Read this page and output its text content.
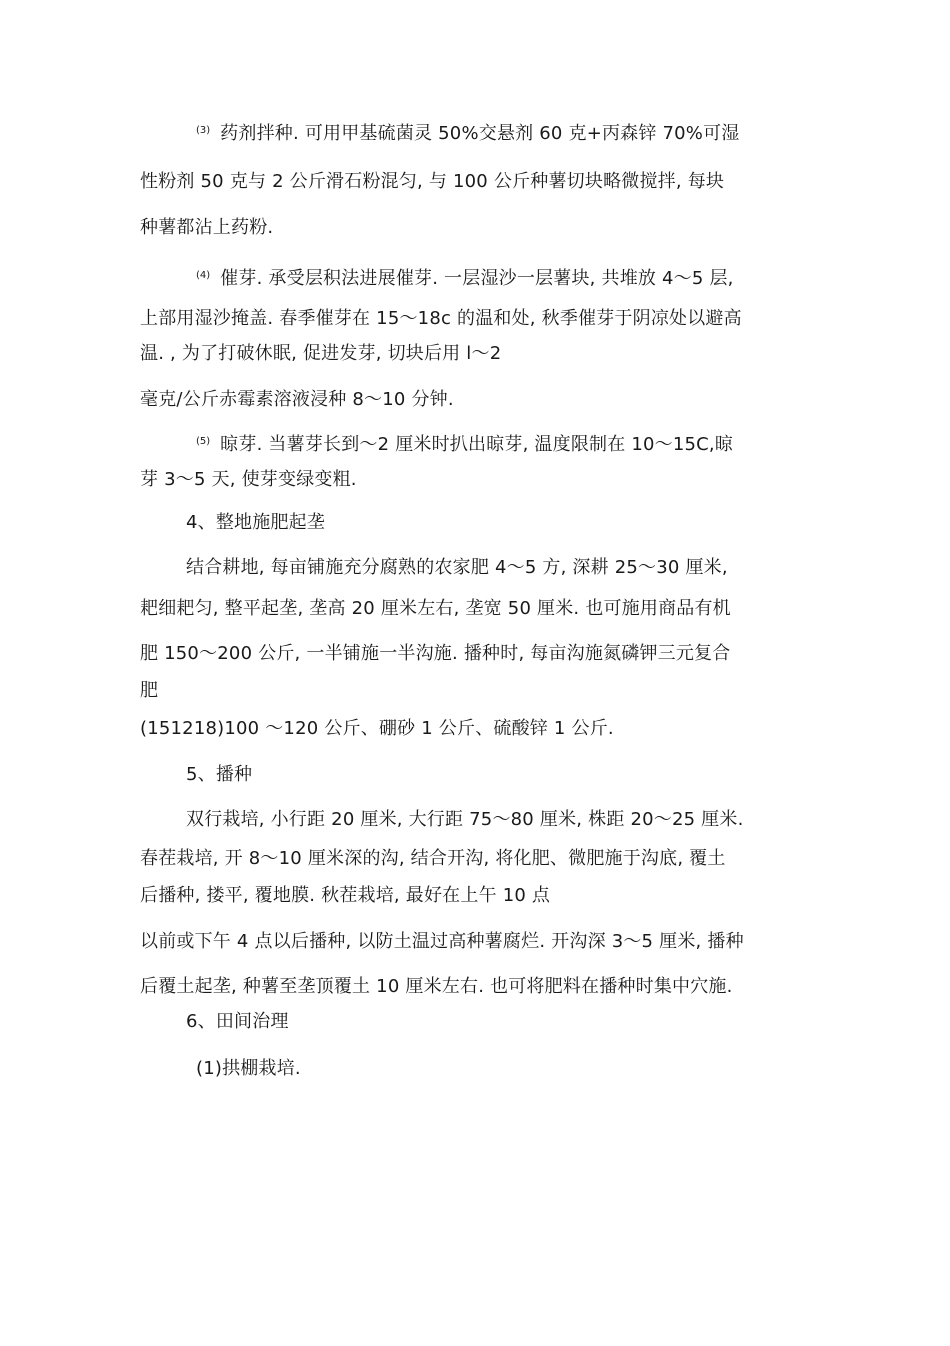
$^{(3)}$ 药剂拌种. 可用甲基硫菌灵 50%交悬剂 60 克+丙森锌 70%可湿
性粉剂 50 克与 2 公斤滑石粉混匀, 与 100 公斤种薯切块略微搅拌, 每块
种薯都沾上药粉.
$^{(4)}$ 催芽. 承受层积法进展催芽. 一层湿沙一层薯块, 共堆放 4〜5 层,
上部用湿沙掩盖. 春季催芽在 15〜18c 的温和处, 秋季催芽于阴凉处以避高
温. , 为了打破休眠, 促进发芽, 切块后用 l〜2
毫克/公斤赤霉素溶液浸种 8〜10 分钟.
$^{(5)}$ 晾芽. 当薯芽长到〜2 厘米时扒出晾芽, 温度限制在 10〜15C,晾
芽 3〜5 天, 使芽变绿变粗.
4、整地施肥起垄
结合耕地, 每亩铺施充分腐熟的农家肥 4〜5 方, 深耕 25〜30 厘米,
耙细耙匀, 整平起垄, 垄高 20 厘米左右, 垄宽 50 厘米. 也可施用商品有机
肥 150〜200 公斤, 一半铺施一半沟施. 播种时, 每亩沟施氮磷钾三元复合
肥
(151218)100 〜120 公斤、硼砂 1 公斤、硫酸锌 1 公斤.
5、播种
双行栽培, 小行距 20 厘米, 大行距 75〜80 厘米, 株距 20〜25 厘米.
春茬栽培, 开 8〜10 厘米深的沟, 结合开沟, 将化肥、微肥施于沟底, 覆土
后播种, 搂平, 覆地膜. 秋茬栽培, 最好在上午 10 点
以前或下午 4 点以后播种, 以防土温过高种薯腐烂. 开沟深 3〜5 厘米, 播种
后覆土起垄, 种薯至垄顶覆土 10 厘米左右. 也可将肥料在播种时集中穴施.
6、田间治理
(1)拱棚栽培.
